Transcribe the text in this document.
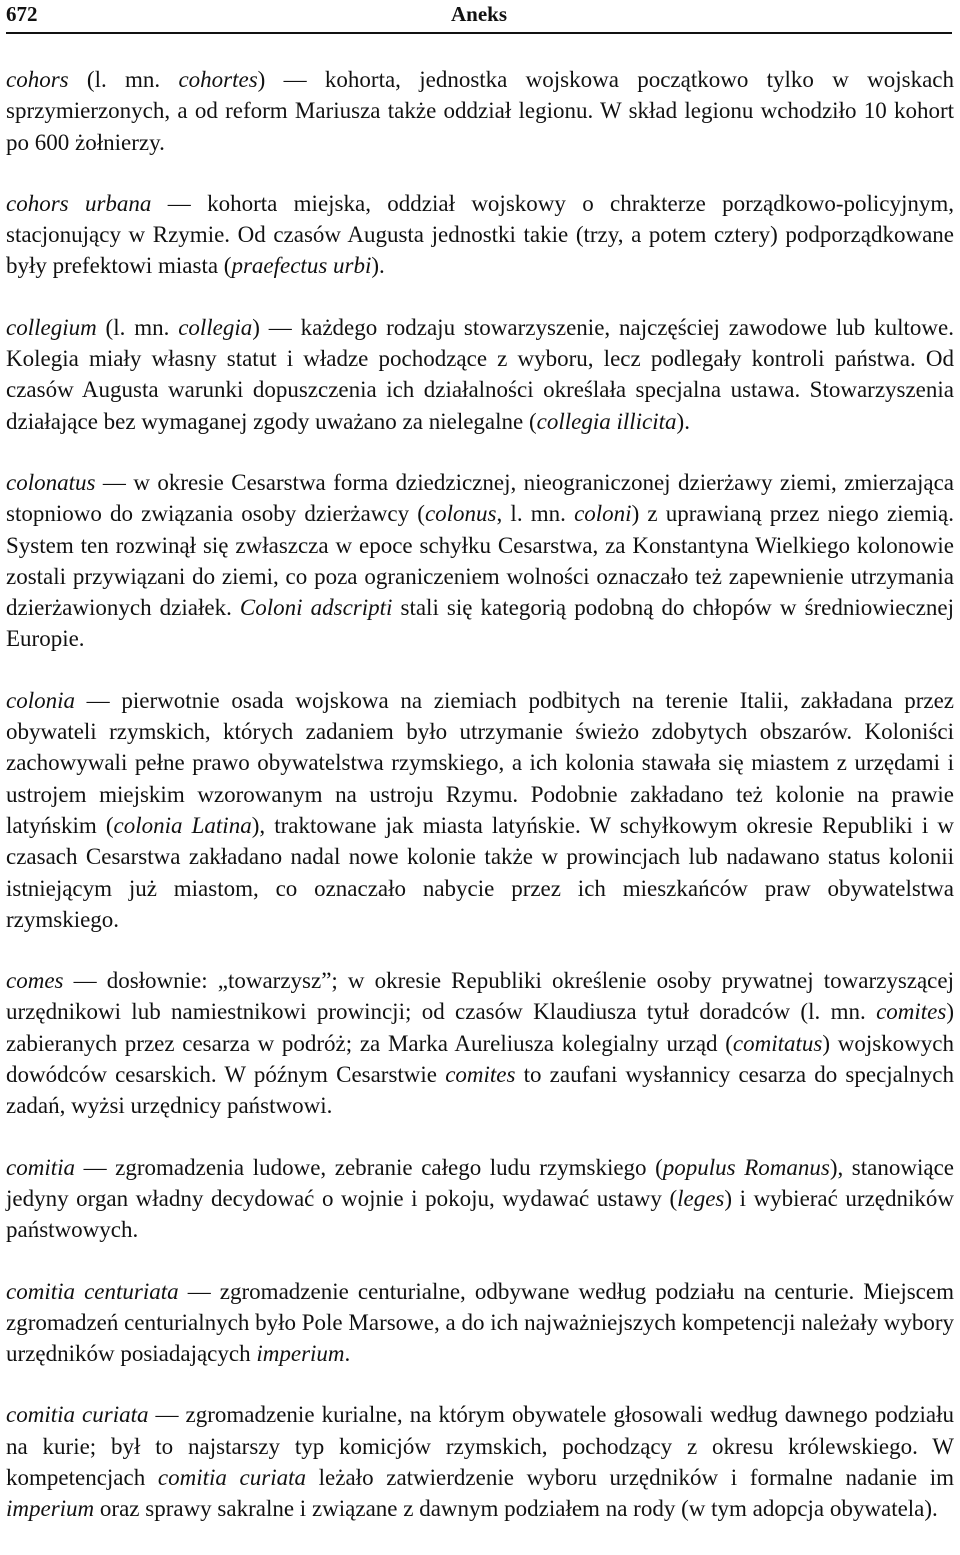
672	Aneks

cohors (l. mn. cohortes) — kohorta, jednostka wojskowa początkowo tylko w wojskach sprzymierzonych, a od reform Mariusza także oddział legionu. W skład legionu wchodziło 10 kohort po 600 żołnierzy.

cohors urbana — kohorta miejska, oddział wojskowy o chrakterze porządkowo-policyjnym, stacjonujący w Rzymie. Od czasów Augusta jednostki takie (trzy, a potem cztery) podporządkowane były prefektowi miasta (praefectus urbi).

collegium (l. mn. collegia) — każdego rodzaju stowarzyszenie, najczęściej zawodowe lub kultowe. Kolegia miały własny statut i władze pochodzące z wyboru, lecz podlegały kontroli państwa. Od czasów Augusta warunki dopuszczenia ich działalności określała specjalna ustawa. Stowarzyszenia działające bez wymaganej zgody uważano za nielegalne (collegia illicita).

colonatus — w okresie Cesarstwa forma dziedzicznej, nieograniczonej dzierżawy ziemi, zmierzająca stopniowo do związania osoby dzierżawcy (colonus, l. mn. coloni) z uprawianą przez niego ziemią. System ten rozwinął się zwłaszcza w epoce schyłku Cesarstwa, za Konstantyna Wielkiego kolonowie zostali przywiązani do ziemi, co poza ograniczeniem wolności oznaczało też zapewnienie utrzymania dzierżawionych działek. Coloni adscripti stali się kategorią podobną do chłopów w średniowiecznej Europie.

colonia — pierwotnie osada wojskowa na ziemiach podbitych na terenie Italii, zakładana przez obywateli rzymskich, których zadaniem było utrzymanie świeżo zdobytych obszarów. Koloniści zachowywali pełne prawo obywatelstwa rzymskiego, a ich kolonia stawała się miastem z urzędami i ustrojem miejskim wzorowanym na ustroju Rzymu. Podobnie zakładano też kolonie na prawie latyńskim (colonia Latina), traktowane jak miasta latyńskie. W schyłkowym okresie Republiki i w czasach Cesarstwa zakładano nadal nowe kolonie także w prowincjach lub nadawano status kolonii istniejącym już miastom, co oznaczało nabycie przez ich mieszkańców praw obywatelstwa rzymskiego.

comes — dosłownie: „towarzysz”; w okresie Republiki określenie osoby prywatnej towarzyszącej urzędnikowi lub namiestnikowi prowincji; od czasów Klaudiusza tytuł doradców (l. mn. comites) zabieranych przez cesarza w podróż; za Marka Aureliusza kolegialny urząd (comitatus) wojskowych dowódców cesarskich. W późnym Cesarstwie comites to zaufani wysłannicy cesarza do specjalnych zadań, wyżsi urzędnicy państwowi.

comitia — zgromadzenia ludowe, zebranie całego ludu rzymskiego (populus Romanus), stanowiące jedyny organ władny decydować o wojnie i pokoju, wydawać ustawy (leges) i wybierać urzędników państwowych.

comitia centuriata — zgromadzenie centurialne, odbywane według podziału na centurie. Miejscem zgromadzeń centurialnych było Pole Marsowe, a do ich najważniejszych kompetencji należały wybory urzędników posiadających imperium.

comitia curiata — zgromadzenie kurialne, na którym obywatele głosowali według dawnego podziału na kurie; był to najstarszy typ komicjów rzymskich, pochodzący z okresu królewskiego. W kompetencjach comitia curiata leżało zatwierdzenie wyboru urzędników i formalne nadanie im imperium oraz sprawy sakralne i związane z dawnym podziałem na rody (w tym adopcja obywatela).
